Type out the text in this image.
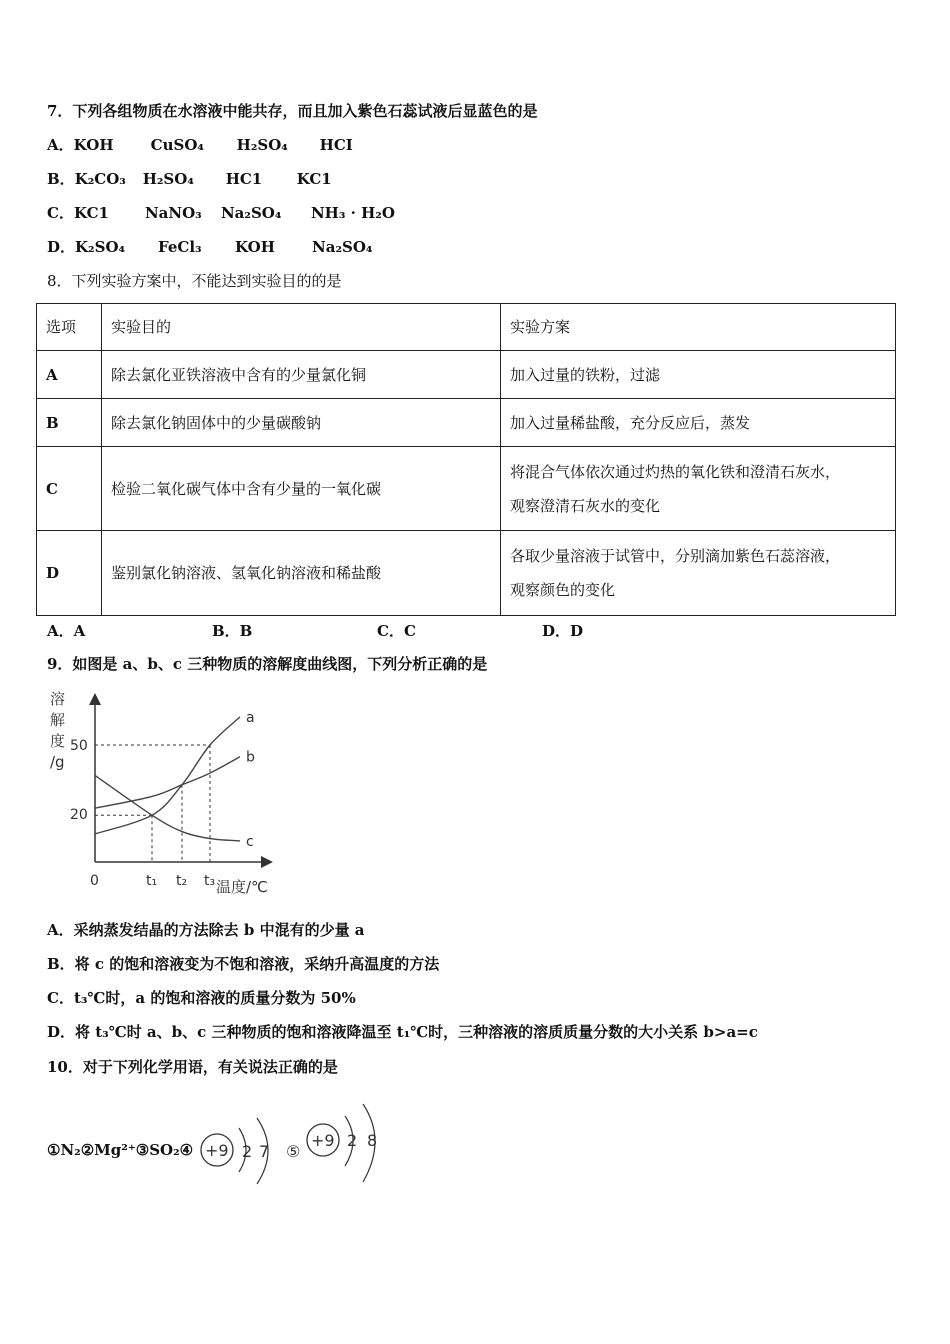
7．下列各组物质在水溶液中能共存，而且加入紫色石蕊试液后显蓝色的是
A．KOH CuSO₄ H₂SO₄ HCI
B．K₂CO₃ H₂SO₄ HC1 KC1
C．KC1 NaNO₃ Na₂SO₄ NH₃ · H₂O
D．K₂SO₄ FeCl₃ KOH Na₂SO₄
8．下列实验方案中，不能达到实验目的的是
选项	实验目的	实验方案
A	除去氯化亚铁溶液中含有的少量氯化铜	加入过量的铁粉，过滤
B	除去氯化钠固体中的少量碳酸钠	加入过量稀盐酸，充分反应后，蒸发
C	检验二氧化碳气体中含有少量的一氧化碳	将混合气体依次通过灼热的氧化铁和澄清石灰水，
观察澄清石灰水的变化

D	鉴别氯化钠溶液、氢氧化钠溶液和稀盐酸	各取少量溶液于试管中，分别滴加紫色石蕊溶液，
观察颜色的变化
A．A	B．B	C．C	D．D
9．如图是 a、b、c 三种物质的溶解度曲线图，下列分析正确的是
溶
解
度
/g
50
20
0	t₁ t₂ t₃ 温度/℃
a
b
c
A．采纳蒸发结晶的方法除去 b 中混有的少量 a
B．将 c 的饱和溶液变为不饱和溶液，采纳升高温度的方法
C．t₃℃时，a 的饱和溶液的质量分数为 50%
D．将 t₃℃时 a、b、c 三种物质的饱和溶液降温至 t₁℃时，三种溶液的溶质质量分数的大小关系 b>a=c
10．对于下列化学用语，有关说法正确的是
①N₂②Mg²⁺③SO₂④ +9 2 7 ⑤
+9 2 8
